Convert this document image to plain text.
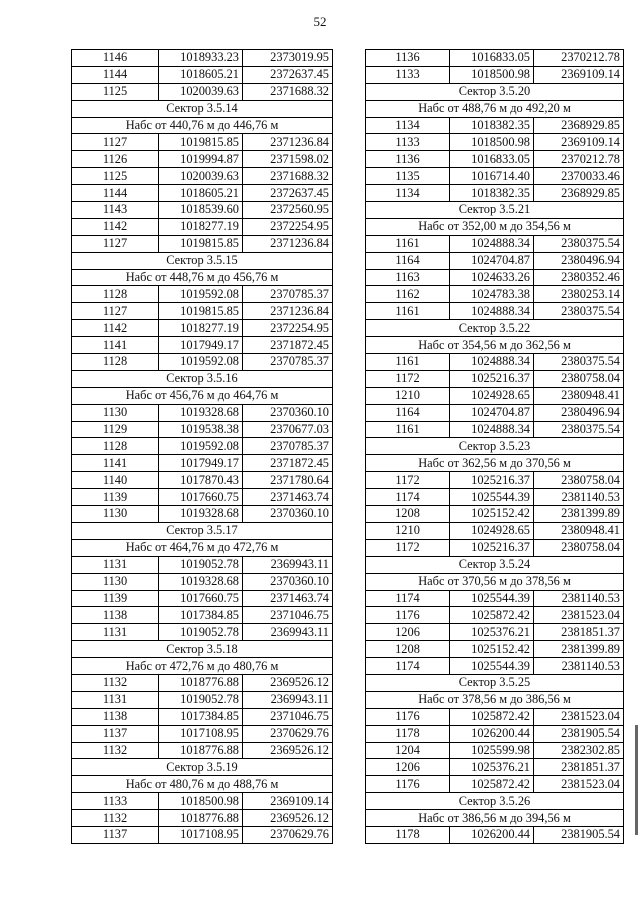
52
1146	1018933.23	2373019.95
1144	1018605.21	2372637.45
1125	1020039.63	2371688.32
Сектор 3.5.14		
Набс от 440,76 м до 446,76 м		
1127	1019815.85	2371236.84
1126	1019994.87	2371598.02
1125	1020039.63	2371688.32
1144	1018605.21	2372637.45
1143	1018539.60	2372560.95
1142	1018277.19	2372254.95
1127	1019815.85	2371236.84
Сектор 3.5.15		
Набс от 448,76 м до 456,76 м		
1128	1019592.08	2370785.37
1127	1019815.85	2371236.84
1142	1018277.19	2372254.95
1141	1017949.17	2371872.45
1128	1019592.08	2370785.37
Сектор 3.5.16		
Набс от 456,76 м до 464,76 м		
1130	1019328.68	2370360.10
1129	1019538.38	2370677.03
1128	1019592.08	2370785.37
1141	1017949.17	2371872.45
1140	1017870.43	2371780.64
1139	1017660.75	2371463.74
1130	1019328.68	2370360.10
Сектор 3.5.17		
Набс от 464,76 м до 472,76 м		
1131	1019052.78	2369943.11
1130	1019328.68	2370360.10
1139	1017660.75	2371463.74
1138	1017384.85	2371046.75
1131	1019052.78	2369943.11
Сектор 3.5.18		
Набс от 472,76 м до 480,76 м		
1132	1018776.88	2369526.12
1131	1019052.78	2369943.11
1138	1017384.85	2371046.75
1137	1017108.95	2370629.76
1132	1018776.88	2369526.12
Сектор 3.5.19		
Набс от 480,76 м до 488,76 м		
1133	1018500.98	2369109.14
1132	1018776.88	2369526.12
1137	1017108.95	2370629.76
1136	1016833.05	2370212.78
1133	1018500.98	2369109.14
Сектор 3.5.20		
Набс от 488,76 м до 492,20 м		
1134	1018382.35	2368929.85
1133	1018500.98	2369109.14
1136	1016833.05	2370212.78
1135	1016714.40	2370033.46
1134	1018382.35	2368929.85
Сектор 3.5.21		
Набс от 352,00 м до 354,56 м		
1161	1024888.34	2380375.54
1164	1024704.87	2380496.94
1163	1024633.26	2380352.46
1162	1024783.38	2380253.14
1161	1024888.34	2380375.54
Сектор 3.5.22		
Набс от 354,56 м до 362,56 м		
1161	1024888.34	2380375.54
1172	1025216.37	2380758.04
1210	1024928.65	2380948.41
1164	1024704.87	2380496.94
1161	1024888.34	2380375.54
Сектор 3.5.23		
Набс от 362,56 м до 370,56 м		
1172	1025216.37	2380758.04
1174	1025544.39	2381140.53
1208	1025152.42	2381399.89
1210	1024928.65	2380948.41
1172	1025216.37	2380758.04
Сектор 3.5.24		
Набс от 370,56 м до 378,56 м		
1174	1025544.39	2381140.53
1176	1025872.42	2381523.04
1206	1025376.21	2381851.37
1208	1025152.42	2381399.89
1174	1025544.39	2381140.53
Сектор 3.5.25		
Набс от 378,56 м до 386,56 м		
1176	1025872.42	2381523.04
1178	1026200.44	2381905.54
1204	1025599.98	2382302.85
1206	1025376.21	2381851.37
1176	1025872.42	2381523.04
Сектор 3.5.26		
Набс от 386,56 м до 394,56 м		
1178	1026200.44	2381905.54
